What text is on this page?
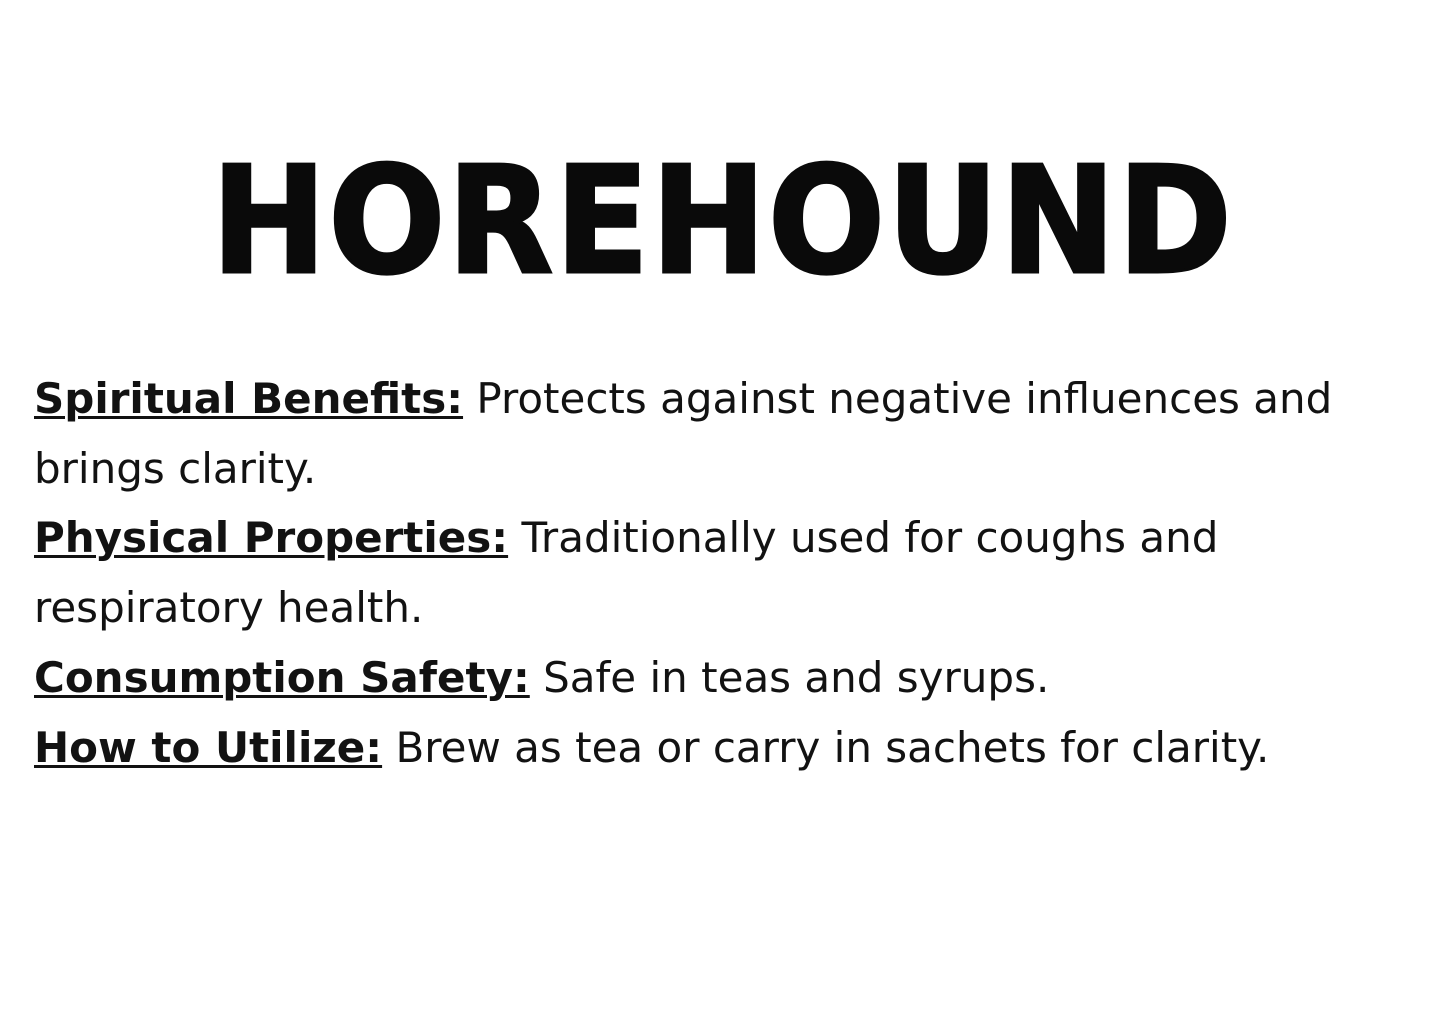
HOREHOUND

Spiritual Benefits: Protects against negative influences and brings clarity.

Physical Properties: Traditionally used for coughs and respiratory health.

Consumption Safety: Safe in teas and syrups.

How to Utilize: Brew as tea or carry in sachets for clarity.
